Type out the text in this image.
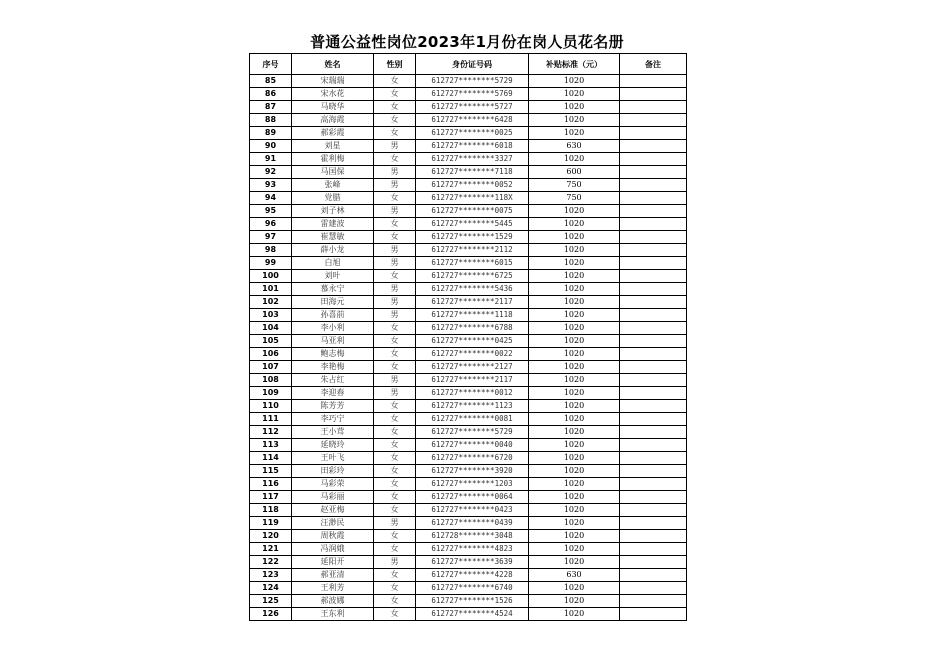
普通公益性岗位2023年1月份在岗人员花名册
序号	姓名	性别	身份证号码	补贴标准（元）	备注
85	宋瑞瑞	女	612727********5729	1020	
86	宋水花	女	612727********5769	1020	
87	马晓华	女	612727********5727	1020	
88	高海霞	女	612727********6428	1020	
89	郝彩霞	女	612727********0025	1020	
90	刘星	男	612727********6018	630	
91	霍利梅	女	612727********3327	1020	
92	马国保	男	612727********7118	600	
93	张峰	男	612727********0052	750	
94	党腊	女	612727********118X	750	
95	刘子林	男	612727********0075	1020	
96	雷建波	女	612727********5445	1020	
97	崔慧敏	女	612727********1529	1020	
98	薛小龙	男	612727********2112	1020	
99	白旭	男	612727********6015	1020	
100	刘叶	女	612727********6725	1020	
101	慕永宁	男	612727********5436	1020	
102	田海元	男	612727********2117	1020	
103	孙喜前	男	612727********1118	1020	
104	李小利	女	612727********6788	1020	
105	马亚利	女	612727********0425	1020	
106	鲍志梅	女	612727********0022	1020	
107	李艳梅	女	612727********2127	1020	
108	朱占红	男	612727********2117	1020	
109	李迎春	男	612727********0012	1020	
110	陈芳芳	女	612727********1123	1020	
111	李巧宁	女	612727********0081	1020	
112	王小茸	女	612727********5729	1020	
113	延晓玲	女	612727********0040	1020	
114	王叶飞	女	612727********6720	1020	
115	田彩玲	女	612727********3920	1020	
116	马彩荣	女	612727********1203	1020	
117	马彩丽	女	612727********0064	1020	
118	赵亚梅	女	612727********0423	1020	
119	汪渺民	男	612727********0439	1020	
120	周秋霞	女	612728********3048	1020	
121	冯润娥	女	612727********4823	1020	
122	延阳开	男	612727********3639	1020	
123	郝亚清	女	612727********4228	630	
124	王利芳	女	612727********6740	1020	
125	郝波娜	女	612727********1526	1020	
126	王东利	女	612727********4524	1020	
